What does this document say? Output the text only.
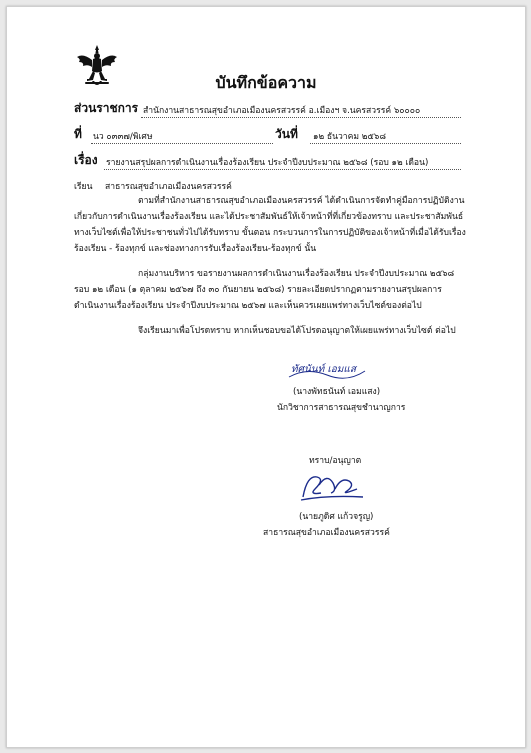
บันทึกข้อความ
ส่วนราชการ สำนักงานสาธารณสุขอำเภอเมืองนครสวรรค์ อ.เมืองฯ จ.นครสวรรค์ ๖๐๐๐๐
ที่ นว ๐๓๓๗/พิเศษ	วันที่ ๑๒ ธันวาคม ๒๕๖๘
เรื่อง รายงานสรุปผลการดำเนินงานเรื่องร้องเรียน ประจำปีงบประมาณ ๒๕๖๘ (รอบ ๑๒ เดือน)
เรียน สาธารณสุขอำเภอเมืองนครสวรรค์
ตามที่สำนักงานสาธารณสุขอำเภอเมืองนครสวรรค์ ได้ดำเนินการจัดทำคู่มือการปฏิบัติงาน
เกี่ยวกับการดำเนินงานเรื่องร้องเรียน และได้ประชาสัมพันธ์ให้เจ้าหน้าที่ที่เกี่ยวข้องทราบ และประชาสัมพันธ์
ทางเว็บไซต์เพื่อให้ประชาชนทั่วไปได้รับทราบ ขั้นตอน กระบวนการในการปฏิบัติของเจ้าหน้าที่เมื่อได้รับเรื่อง
ร้องเรียน - ร้องทุกข์ และช่องทางการรับเรื่องร้องเรียน-ร้องทุกข์ นั้น
กลุ่มงานบริหาร ขอรายงานผลการดำเนินงานเรื่องร้องเรียน ประจำปีงบประมาณ ๒๕๖๘
รอบ ๑๒ เดือน (๑ ตุลาคม ๒๕๖๗ ถึง ๓๐ กันยายน ๒๕๖๘) รายละเอียดปรากฏตามรายงานสรุปผลการ
ดำเนินงานเรื่องร้องเรียน ประจำปีงบประมาณ ๒๕๖๗ และเห็นควรเผยแพร่ทางเว็บไซต์ของต่อไป
จึงเรียนมาเพื่อโปรดทราบ หากเห็นชอบขอได้โปรดอนุญาตให้เผยแพร่ทางเว็บไซต์ ต่อไป
ทัศนันท์ เอมแส
(นางพัทธนันท์ เอมแสง)
นักวิชาการสาธารณสุขชำนาญการ
ทราบ/อนุญาต
(นายภูดิศ แก้วจรูญ)
สาธารณสุขอำเภอเมืองนครสวรรค์
